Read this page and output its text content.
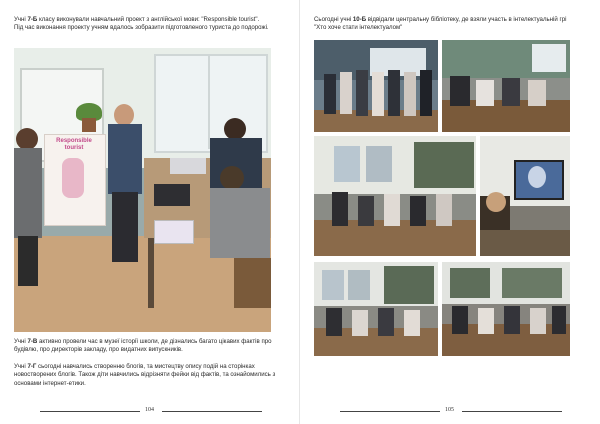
Учні 7-Б класу виконували навчальний проект з англійської мови: "Responsible tourist".
Під час виконання проекту учням вдалось зобразити підготовленого туриста до подорожі.

Responsible tourist

Учні 7-В активно провели час в музеї історії школи, де дізнались багато цікавих фактів про будівлю, про директорів закладу, про видатних випускників.

Учні 7-Г сьогодні навчались створенню блогів, та мистецтву опису подій на сторінках новостворених блогів. Також діти навчились відрізняти фейки від фактів, та ознайомились з основами інтернет-етики.

104

Сьогодні учні 10-Б відвідали центральну бібліотеку, де взяли участь в інтелектуальній грі
"Хто хоче стати інтелектуалом"

105
